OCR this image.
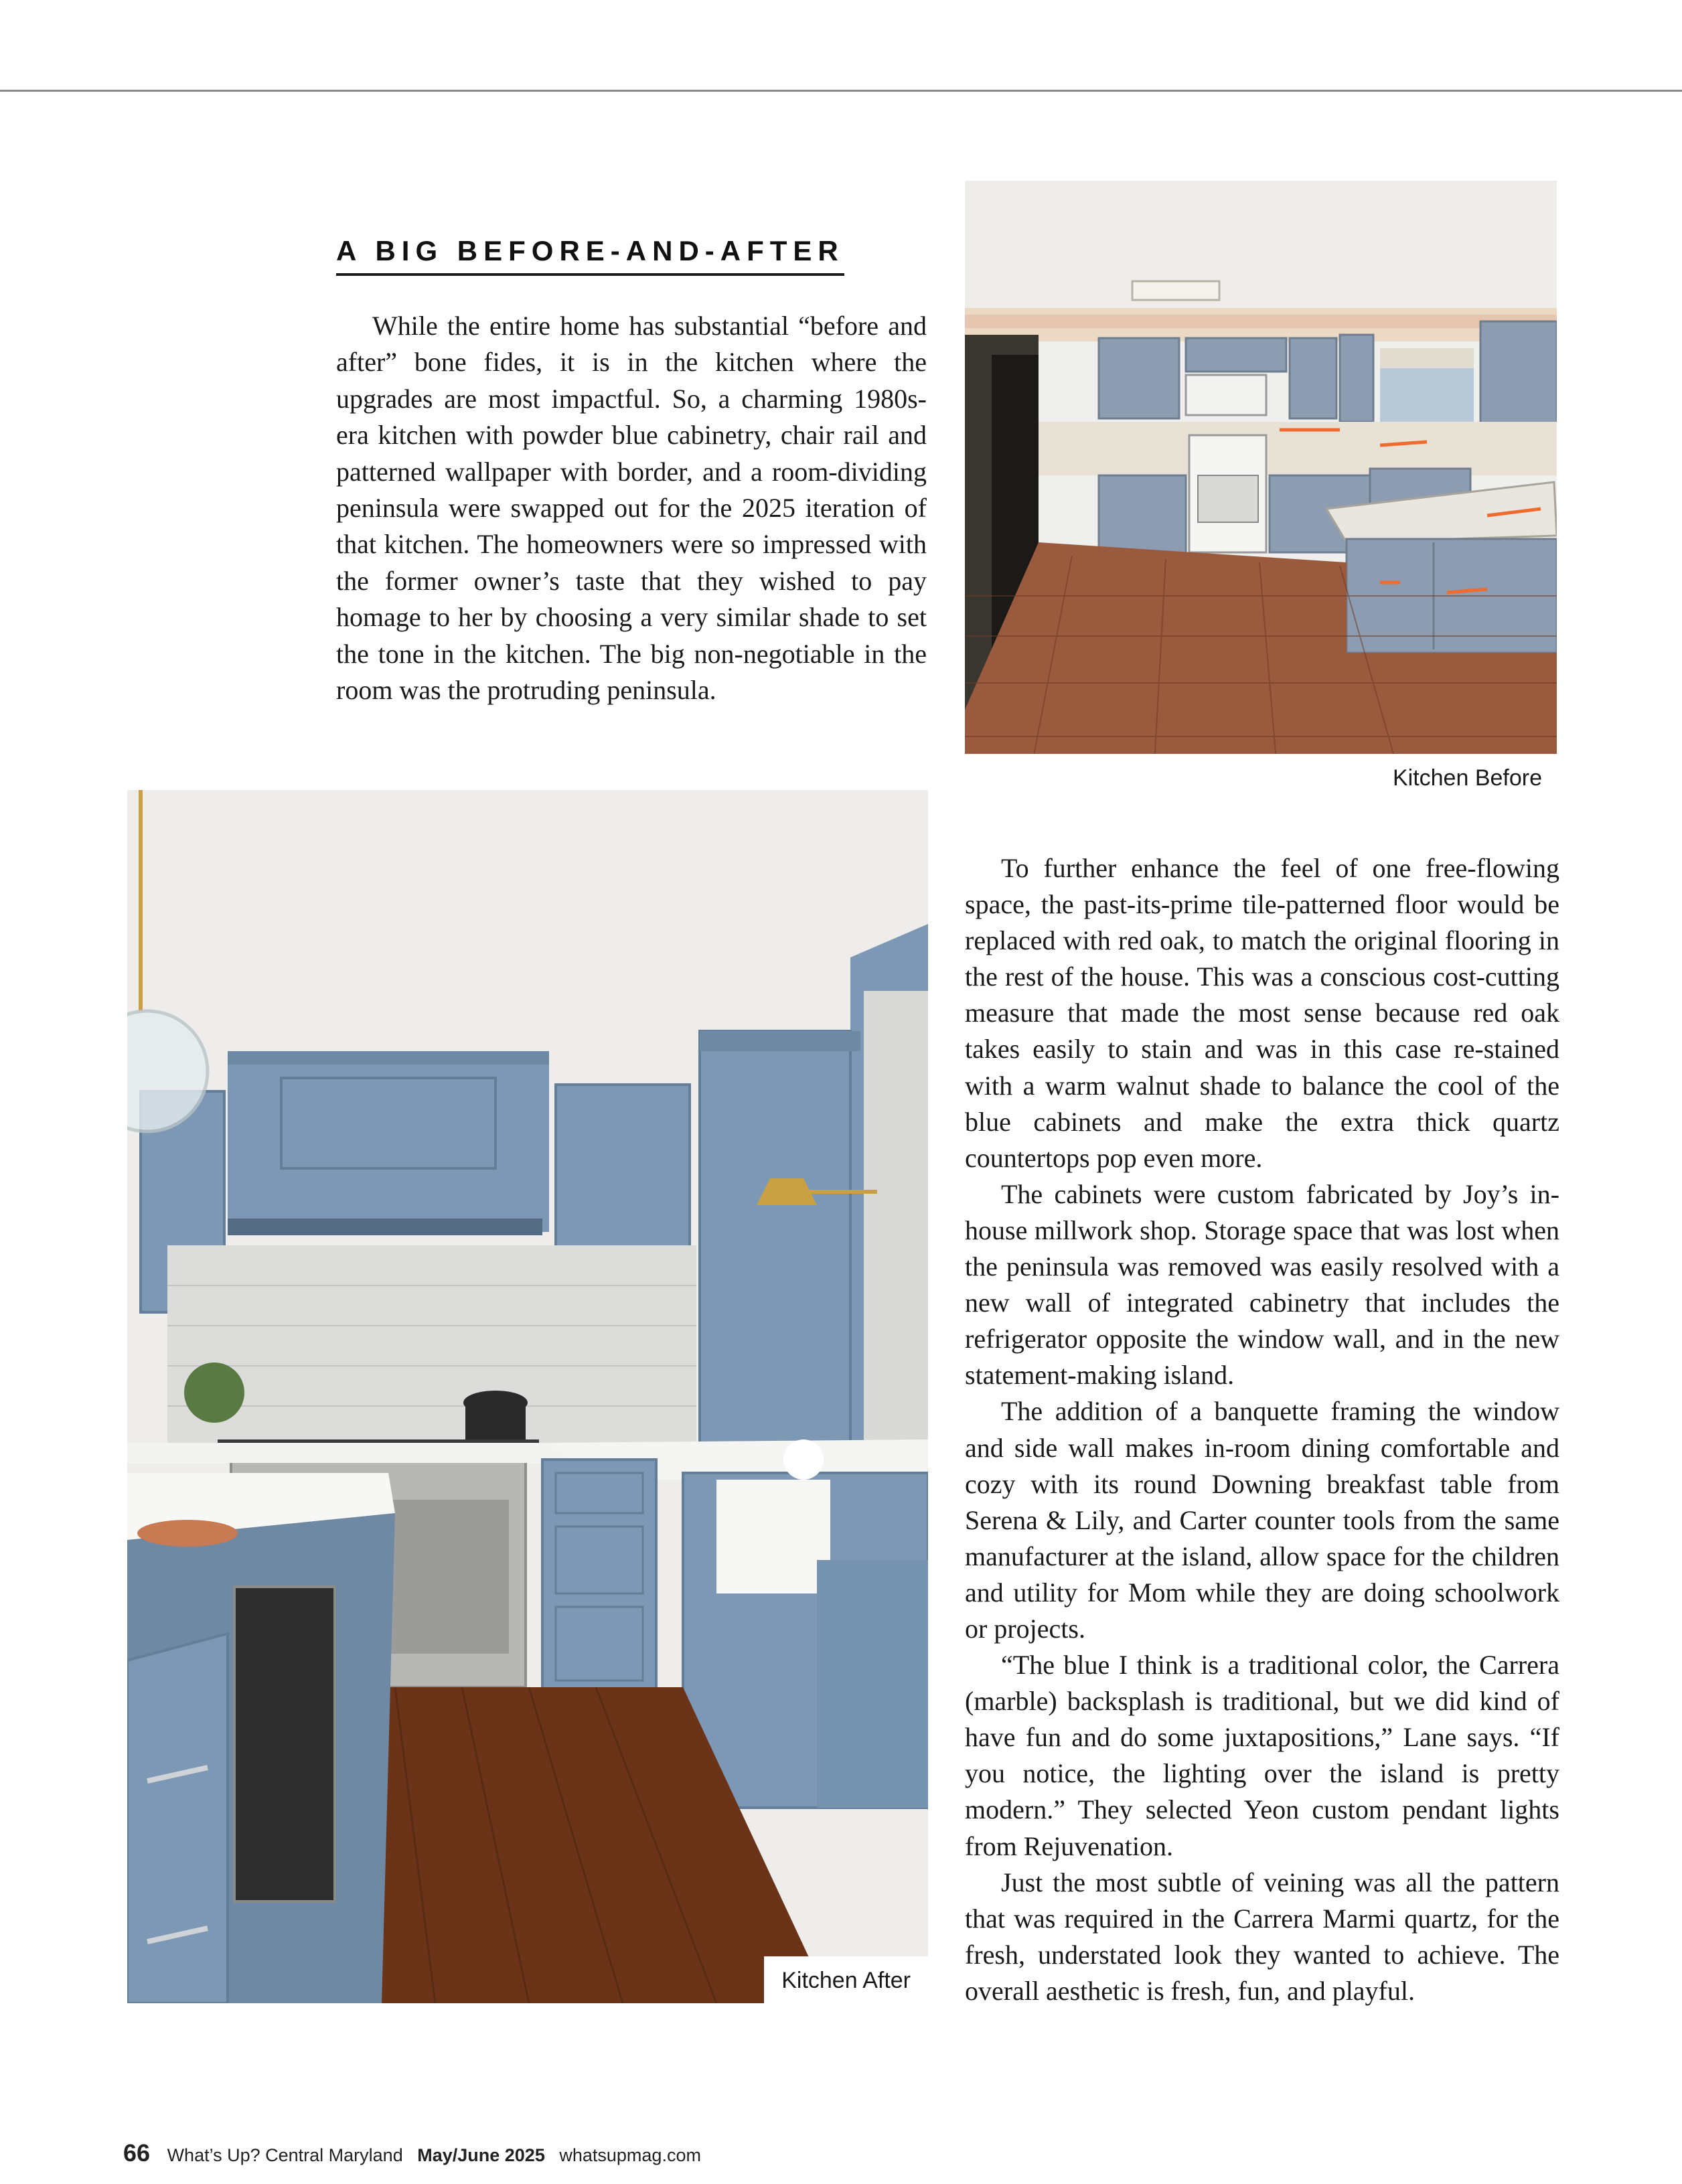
A BIG BEFORE-AND-AFTER

While the entire home has substantial “before and after” bone fides, it is in the kitchen where the upgrades are most impactful. So, a charming 1980s-era kitchen with powder blue cabinetry, chair rail and patterned wallpaper with border, and a room-dividing peninsula were swapped out for the 2025 iteration of that kitchen. The homeowners were so impressed with the former owner’s taste that they wished to pay homage to her by choosing a very similar shade to set the tone in the kitchen. The big non-negotiable in the room was the protruding peninsula.

Kitchen Before
Kitchen After

To further enhance the feel of one free-flowing space, the past-its-prime tile-patterned floor would be replaced with red oak, to match the original flooring in the rest of the house. This was a conscious cost-cutting measure that made the most sense because red oak takes easily to stain and was in this case re-stained with a warm walnut shade to balance the cool of the blue cabinets and make the extra thick quartz countertops pop even more.

The cabinets were custom fabricated by Joy’s in-house millwork shop. Storage space that was lost when the peninsula was removed was easily resolved with a new wall of integrated cabinetry that includes the refrigerator opposite the window wall, and in the new statement-making island.

The addition of a banquette framing the window and side wall makes in-room dining comfortable and cozy with its round Downing breakfast table from Serena & Lily, and Carter counter tools from the same manufacturer at the island, allow space for the children and utility for Mom while they are doing schoolwork or projects.

“The blue I think is a traditional color, the Carrera (marble) backsplash is traditional, but we did kind of have fun and do some juxtapositions,” Lane says. “If you notice, the lighting over the island is pretty modern.” They selected Yeon custom pendant lights from Rejuvenation.

Just the most subtle of veining was all the pattern that was required in the Carrera Marmi quartz, for the fresh, understated look they wanted to achieve. The overall aesthetic is fresh, fun, and playful.

66 What’s Up? Central Maryland May/June 2025 whatsupmag.com
